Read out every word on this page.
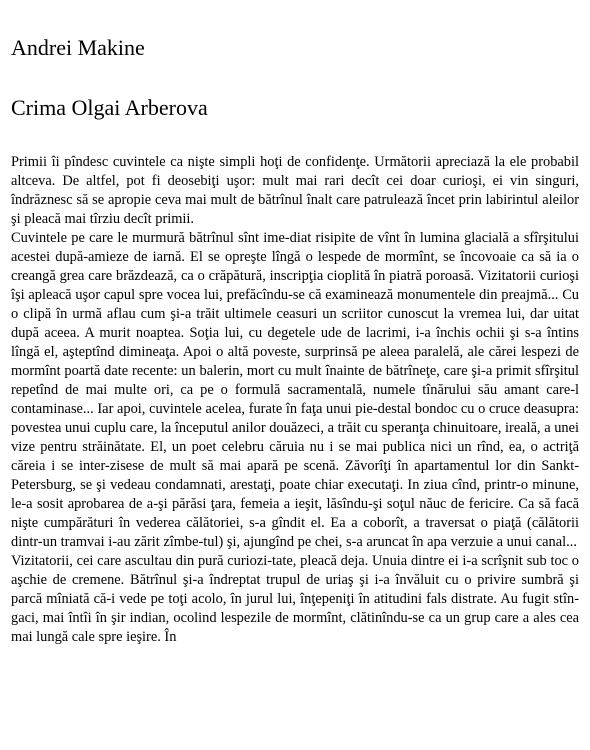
Andrei Makine
Crima Olgai Arberova

Primii îi pîndesc cuvintele ca nişte simpli hoţi de confidenţe. Următorii apreciază la ele probabil altceva. De altfel, pot fi deosebiţi uşor: mult mai rari decît cei doar curioşi, ei vin singuri, îndrăznesc să se apropie ceva mai mult de bătrînul înalt care patrulează încet prin labirintul aleilor şi pleacă mai tîrziu decît primii.

Cuvintele pe care le murmură bătrînul sînt ime-diat risipite de vînt în lumina glacială a sfîrşitului acestei după-amieze de iarnă. El se opreşte lîngă o lespede de mormînt, se încovoaie ca să ia o creangă grea care brăzdează, ca o crăpătură, inscripţia cioplită în piatră poroasă. Vizitatorii curioşi îşi apleacă uşor capul spre vocea lui, prefăcîndu-se că examinează monumentele din preajmă... Cu o clipă în urmă aflau cum şi-a trăit ultimele ceasuri un scriitor cunoscut la vremea lui, dar uitat după aceea. A murit noaptea. Soţia lui, cu degetele ude de lacrimi, i-a închis ochii şi s-a întins lîngă el, aşteptînd dimineaţa. Apoi o altă poveste, surprinsă pe aleea paralelă, ale cărei lespezi de mormînt poartă date recente: un balerin, mort cu mult înainte de bătrîneţe, care şi-a primit sfîrşitul repetînd de mai multe ori, ca pe o formulă sacramentală, numele tînărului său amant care-l contaminase... Iar apoi, cuvintele acelea, furate în faţa unui pie-destal bondoc cu o cruce deasupra: povestea unui cuplu care, la începutul anilor douăzeci, a trăit cu speranţa chinuitoare, ireală, a unei vize pentru străinătate. El, un poet celebru căruia nu i se mai publica nici un rînd, ea, o actriţă căreia i se inter-zisese de mult să mai apară pe scenă. Zăvorîţi în apartamentul lor din Sankt-Petersburg, se şi vedeau condamnati, arestaţi, poate chiar executaţi. In ziua cînd, printr-o minune, le-a sosit aprobarea de a-şi părăsi ţara, femeia a ieşit, lăsîndu-şi soţul năuc de fericire. Ca să facă nişte cumpărături în vederea călătoriei, s-a gîndit el. Ea a coborît, a traversat o piaţă (călătorii dintr-un tramvai i-au zărit zîmbe-tul) şi, ajungînd pe chei, s-a aruncat în apa verzuie a unui canal...

Vizitatorii, cei care ascultau din pură curiozi-tate, pleacă deja. Unuia dintre ei i-a scrîşnit sub toc o aşchie de cremene. Bătrînul şi-a îndreptat trupul de uriaş şi i-a învăluit cu o privire sumbră şi parcă mîniată că-i vede pe toţi acolo, în jurul lui, înţepeniţi în atitudini fals distrate. Au fugit stîn-gaci, mai întîi în şir indian, ocolind lespezile de mormînt, clătinîndu-se ca un grup care a ales cea mai lungă cale spre ieşire. În
